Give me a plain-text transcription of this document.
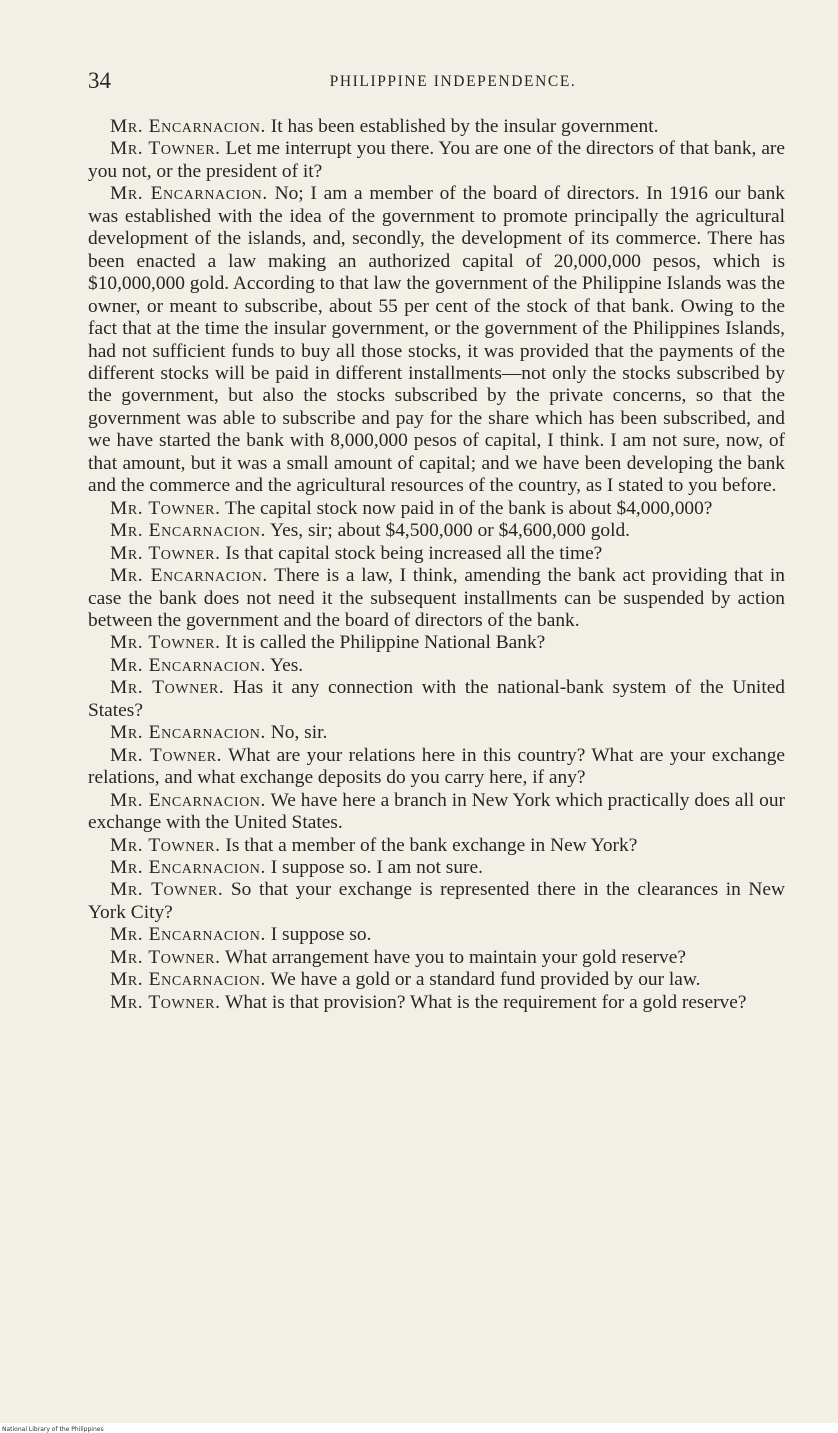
34	PHILIPPINE INDEPENDENCE.

Mr. Encarnacion. It has been established by the insular government.

Mr. Towner. Let me interrupt you there. You are one of the directors of that bank, are you not, or the president of it?

Mr. Encarnacion. No; I am a member of the board of directors. In 1916 our bank was established with the idea of the government to promote principally the agricultural development of the islands, and, secondly, the development of its commerce. There has been enacted a law making an authorized capital of 20,000,000 pesos, which is $10,000,000 gold. According to that law the government of the Philippine Islands was the owner, or meant to subscribe, about 55 per cent of the stock of that bank. Owing to the fact that at the time the insular government, or the government of the Philippines Islands, had not sufficient funds to buy all those stocks, it was provided that the payments of the different stocks will be paid in different installments—not only the stocks subscribed by the government, but also the stocks subscribed by the private concerns, so that the government was able to subscribe and pay for the share which has been subscribed, and we have started the bank with 8,000,000 pesos of capital, I think. I am not sure, now, of that amount, but it was a small amount of capital; and we have been developing the bank and the commerce and the agricultural resources of the country, as I stated to you before.

Mr. Towner. The capital stock now paid in of the bank is about $4,000,000?

Mr. Encarnacion. Yes, sir; about $4,500,000 or $4,600,000 gold.

Mr. Towner. Is that capital stock being increased all the time?

Mr. Encarnacion. There is a law, I think, amending the bank act providing that in case the bank does not need it the subsequent installments can be suspended by action between the government and the board of directors of the bank.

Mr. Towner. It is called the Philippine National Bank?

Mr. Encarnacion. Yes.

Mr. Towner. Has it any connection with the national-bank system of the United States?

Mr. Encarnacion. No, sir.

Mr. Towner. What are your relations here in this country? What are your exchange relations, and what exchange deposits do you carry here, if any?

Mr. Encarnacion. We have here a branch in New York which practically does all our exchange with the United States.

Mr. Towner. Is that a member of the bank exchange in New York?

Mr. Encarnacion. I suppose so. I am not sure.

Mr. Towner. So that your exchange is represented there in the clearances in New York City?

Mr. Encarnacion. I suppose so.

Mr. Towner. What arrangement have you to maintain your gold reserve?

Mr. Encarnacion. We have a gold or a standard fund provided by our law.

Mr. Towner. What is that provision? What is the requirement for a gold reserve?

National Library of the Philippines
